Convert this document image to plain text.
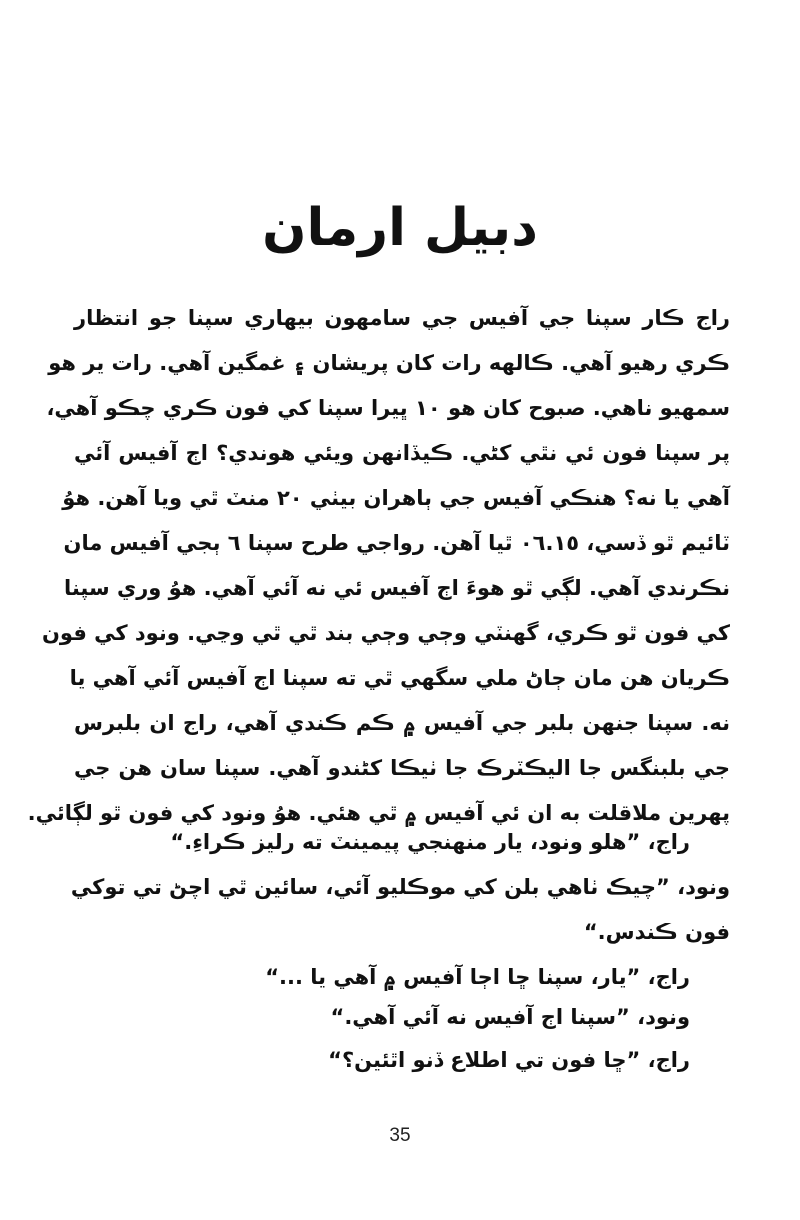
دبيل ارمان
راج ڪار سپنا جي آفيس جي سامهون بيهاري سپنا جو انتظار
ڪري رهيو آهي. ڪالهه رات کان پريشان ۽ غمگين آهي. رات ير هو
سمهيو ناهي. صبوح کان هو ١٠ ڀيرا سپنا کي فون ڪري چڪو آهي،
پر سپنا فون ئي نٿي کڻي. ڪيڏانهن ويئي هوندي؟ اڄ آفيس آئي
آهي يا نه؟ هنڪي آفيس جي ٻاهران بيٺي ٢٠ منٽ ٿي ويا آهن. هوُ
ٽائيم ٿو ڏسي، ٠٦.١٥ ٿيا آهن. رواجي طرح سپنا ٦ ٻجي آفيس مان
نڪرندي آهي. لڳي ٿو هوءَ اڄ آفيس ئي نه آئي آهي. هوُ وري سپنا
کي فون ٿو ڪري، گهنٽي وڄي وڄي بند ٿي ٿي وڃي. ونود کي فون
ڪريان هن مان ڄاڻ ملي سگهي ٿي ته سپنا اڄ آفيس آئي آهي يا
نه. سپنا جنهن بلبر جي آفيس ۾ ڪم ڪندي آهي، راج ان بلبرس
جي بلبنگس جا اليڪٽرڪ جا ٺيڪا کڻندو آهي. سپنا سان هن جي
پهرين ملاقلت به ان ئي آفيس ۾ ٿي هئي. هوُ ونود کي فون ٿو لڳائي.
راج، ”هلو ونود، يار منهنجي پيمينٽ ته رليز ڪراءِ.“
ونود، ”چيڪ ٺاهي بلن کي موڪليو آئي، سائين ٿي اچڻ تي توکي
فون ڪندس.“
راج، ”يار، سپنا ڇا اڄا آفيس ۾ آهي يا ...“
ونود، ”سپنا اڄ آفيس نه آئي آهي.“
راج، ”ڇا فون تي اطلاع ڏنو اٿئين؟“
35
